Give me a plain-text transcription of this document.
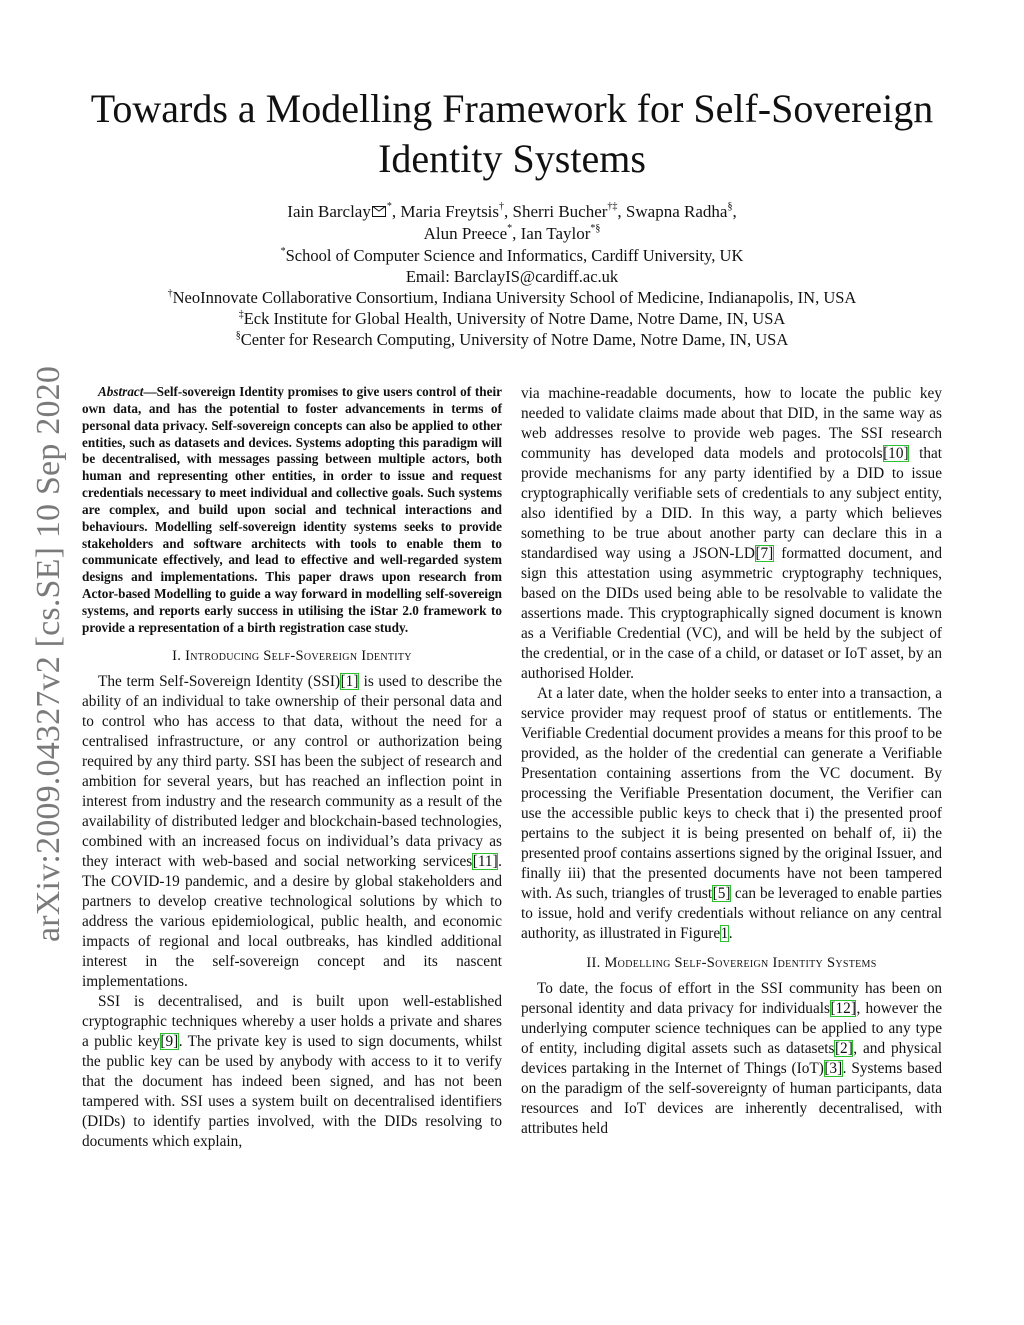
arXiv:2009.04327v2 [cs.SE] 10 Sep 2020
Towards a Modelling Framework for Self-Sovereign
Identity Systems
Iain Barclay *, Maria Freytsis†, Sherri Bucher†‡, Swapna Radha§,
Alun Preece*, Ian Taylor*§
*School of Computer Science and Informatics, Cardiff University, UK
Email: BarclayIS@cardiff.ac.uk
†NeoInnovate Collaborative Consortium, Indiana University School of Medicine, Indianapolis, IN, USA
‡Eck Institute for Global Health, University of Notre Dame, Notre Dame, IN, USA
§Center for Research Computing, University of Notre Dame, Notre Dame, IN, USA

Abstract—Self-sovereign Identity promises to give users control of their own data, and has the potential to foster advancements in terms of personal data privacy. Self-sovereign concepts can also be applied to other entities, such as datasets and devices. Systems adopting this paradigm will be decentralised, with messages passing between multiple actors, both human and representing other entities, in order to issue and request credentials necessary to meet individual and collective goals. Such systems are complex, and build upon social and technical interactions and behaviours. Modelling self-sovereign identity systems seeks to provide stakeholders and software architects with tools to enable them to communicate effectively, and lead to effective and well-regarded system designs and implementations. This paper draws upon research from Actor-based Modelling to guide a way forward in modelling self-sovereign systems, and reports early success in utilising the iStar 2.0 framework to provide a representation of a birth registration case study.

I. Introducing Self-Sovereign Identity

The term Self-Sovereign Identity (SSI)[1] is used to describe the ability of an individual to take ownership of their personal data and to control who has access to that data, without the need for a centralised infrastructure, or any control or authorization being required by any third party. SSI has been the subject of research and ambition for several years, but has reached an inflection point in interest from industry and the research community as a result of the availability of distributed ledger and blockchain-based technologies, combined with an increased focus on individual’s data privacy as they interact with web-based and social networking services[11]. The COVID-19 pandemic, and a desire by global stakeholders and partners to develop creative technological solutions by which to address the various epidemiological, public health, and economic impacts of regional and local outbreaks, has kindled additional interest in the self-sovereign concept and its nascent implementations.

SSI is decentralised, and is built upon well-established cryptographic techniques whereby a user holds a private and shares a public key[9]. The private key is used to sign documents, whilst the public key can be used by anybody with access to it to verify that the document has indeed been signed, and has not been tampered with. SSI uses a system built on decentralised identifiers (DIDs) to identify parties involved, with the DIDs resolving to documents which explain,

via machine-readable documents, how to locate the public key needed to validate claims made about that DID, in the same way as web addresses resolve to provide web pages. The SSI research community has developed data models and protocols[10] that provide mechanisms for any party identified by a DID to issue cryptographically verifiable sets of credentials to any subject entity, also identified by a DID. In this way, a party which believes something to be true about another party can declare this in a standardised way using a JSON-LD[7] formatted document, and sign this attestation using asymmetric cryptography techniques, based on the DIDs used being able to be resolvable to validate the assertions made. This cryptographically signed document is known as a Verifiable Credential (VC), and will be held by the subject of the credential, or in the case of a child, or dataset or IoT asset, by an authorised Holder.

At a later date, when the holder seeks to enter into a transaction, a service provider may request proof of status or entitlements. The Verifiable Credential document provides a means for this proof to be provided, as the holder of the credential can generate a Verifiable Presentation containing assertions from the VC document. By processing the Verifiable Presentation document, the Verifier can use the accessible public keys to check that i) the presented proof pertains to the subject it is being presented on behalf of, ii) the presented proof contains assertions signed by the original Issuer, and finally iii) that the presented documents have not been tampered with. As such, triangles of trust[5] can be leveraged to enable parties to issue, hold and verify credentials without reliance on any central authority, as illustrated in Figure1.

II. Modelling Self-Sovereign Identity Systems

To date, the focus of effort in the SSI community has been on personal identity and data privacy for individuals[12], however the underlying computer science techniques can be applied to any type of entity, including digital assets such as datasets[2], and physical devices partaking in the Internet of Things (IoT)[3]. Systems based on the paradigm of the self-sovereignty of human participants, data resources and IoT devices are inherently decentralised, with attributes held
